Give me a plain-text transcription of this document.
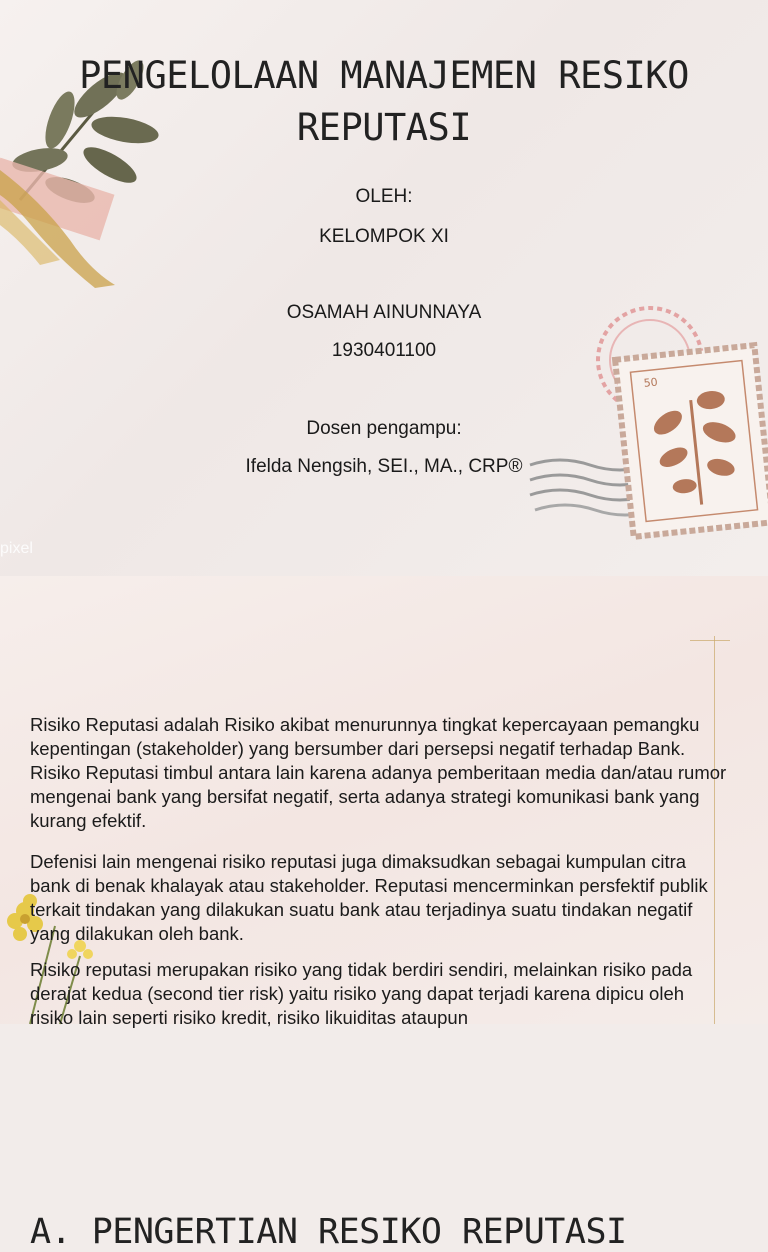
PENGELOLAAN MANAJEMEN RESIKO
REPUTASI
OLEH:
KELOMPOK XI
OSAMAH AINUNNAYA
1930401100
Dosen pengampu:
Ifelda Nengsih, SEI., MA., CRP®
50
pixel
A. PENGERTIAN RESIKO REPUTASI

Risiko Reputasi adalah Risiko akibat menurunnya tingkat kepercayaan pemangku kepentingan (stakeholder) yang bersumber dari persepsi negatif terhadap Bank. Risiko Reputasi timbul antara lain karena adanya pemberitaan media dan/atau rumor mengenai bank yang bersifat negatif, serta adanya strategi komunikasi bank yang kurang efektif.

Defenisi lain mengenai risiko reputasi juga dimaksudkan sebagai kumpulan citra bank di benak khalayak atau stakeholder. Reputasi mencerminkan persfektif publik terkait tindakan yang dilakukan suatu bank atau terjadinya suatu tindakan negatif yang dilakukan oleh bank.

Risiko reputasi merupakan risiko yang tidak berdiri sendiri, melainkan risiko pada derajat kedua (second tier risk) yaitu risiko yang dapat terjadi karena dipicu oleh risiko lain seperti risiko kredit, risiko likuiditas ataupun
